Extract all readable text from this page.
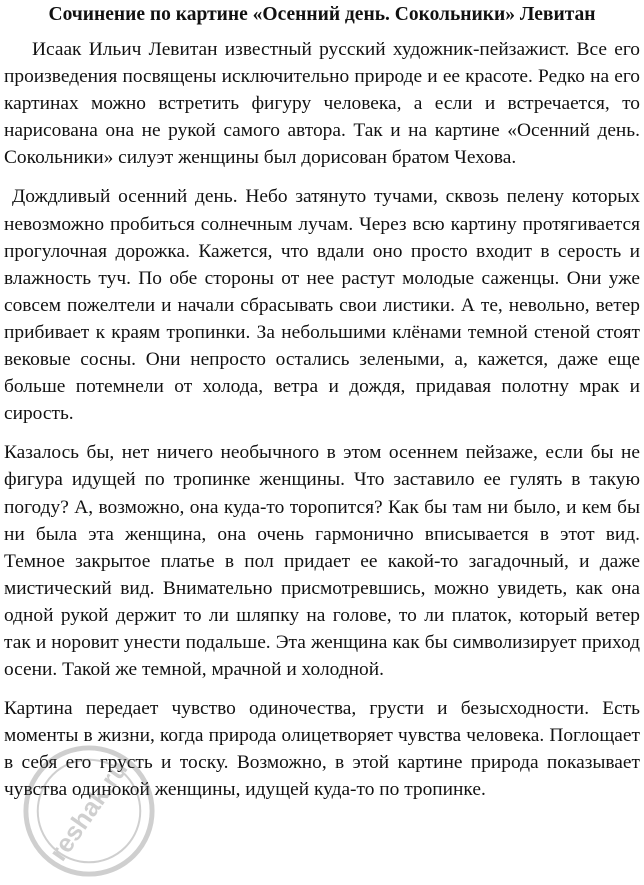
Сочинение по картине «Осенний день. Сокольники» Левитан

Исаак Ильич Левитан известный русский художник-пейзажист. Все его произведения посвящены исключительно природе и ее красоте. Редко на его картинах можно встретить фигуру человека, а если и встречается, то нарисована она не рукой самого автора. Так и на картине «Осенний день. Сокольники» силуэт женщины был дорисован братом Чехова.

Дождливый осенний день. Небо затянуто тучами, сквозь пелену которых невозможно пробиться солнечным лучам. Через всю картину протягивается прогулочная дорожка. Кажется, что вдали оно просто входит в серость и влажность туч. По обе стороны от нее растут молодые саженцы. Они уже совсем пожелтели и начали сбрасывать свои листики. А те, невольно, ветер прибивает к краям тропинки. За небольшими клёнами темной стеной стоят вековые сосны. Они непросто остались зелеными, а, кажется, даже еще больше потемнели от холода, ветра и дождя, придавая полотну мрак и сирость.

Казалось бы, нет ничего необычного в этом осеннем пейзаже, если бы не фигура идущей по тропинке женщины. Что заставило ее гулять в такую погоду? А, возможно, она куда-то торопится? Как бы там ни было, и кем бы ни была эта женщина, она очень гармонично вписывается в этот вид. Темное закрытое платье в пол придает ее какой-то загадочный, и даже мистический вид. Внимательно присмотревшись, можно увидеть, как она одной рукой держит то ли шляпку на голове, то ли платок, который ветер так и норовит унести подальше. Эта женщина как бы символизирует приход осени. Такой же темной, мрачной и холодной.

Картина передает чувство одиночества, грусти и безысходности. Есть моменты в жизни, когда природа олицетворяет чувства человека. Поглощает в себя его грусть и тоску. Возможно, в этой картине природа показывает чувства одинокой женщины, идущей куда-то по тропинке.

reshak.ru
